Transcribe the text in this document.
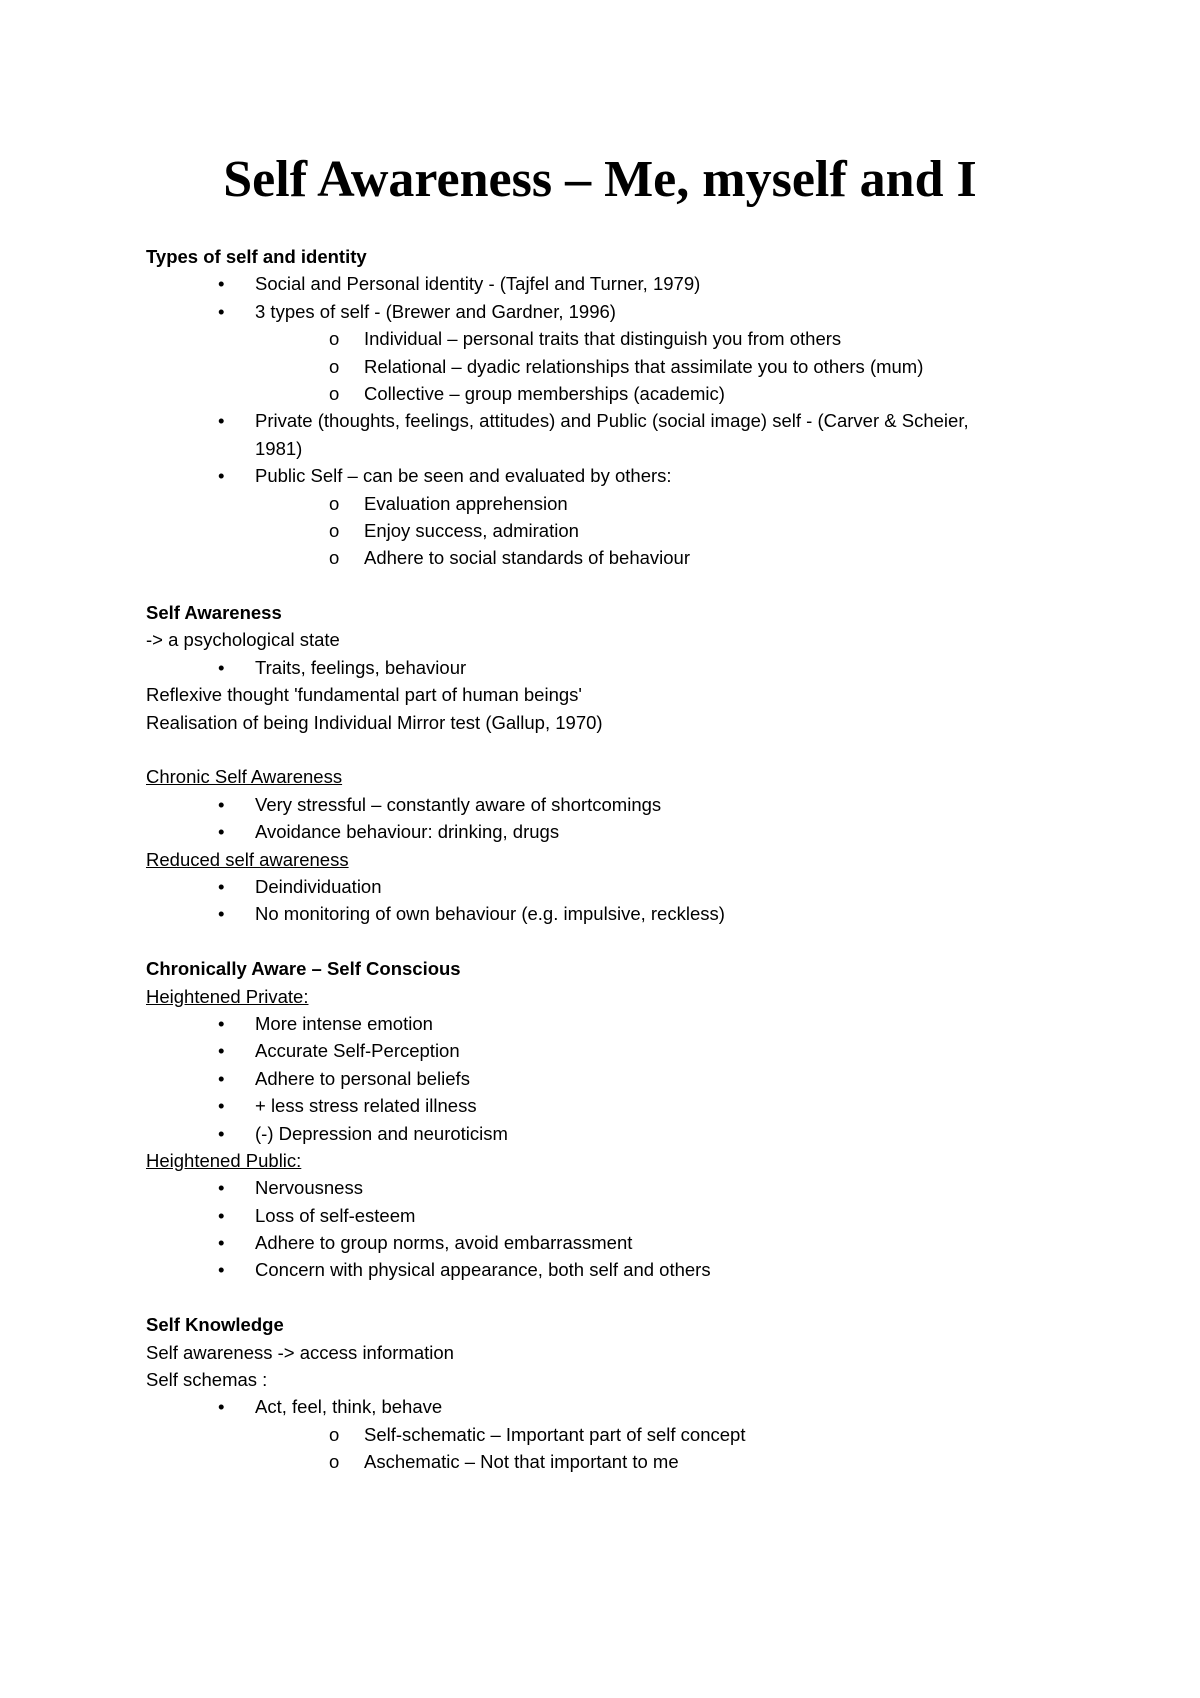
Self Awareness – Me, myself and I
Types of self and identity
• Social and Personal identity - (Tajfel and Turner, 1979)
• 3 types of self - (Brewer and Gardner, 1996)
o Individual – personal traits that distinguish you from others
o Relational – dyadic relationships that assimilate you to others (mum)
o Collective – group memberships (academic)
• Private (thoughts, feelings, attitudes) and Public (social image) self - (Carver & Scheier,
1981)
• Public Self – can be seen and evaluated by others:
o Evaluation apprehension
o Enjoy success, admiration
o Adhere to social standards of behaviour
Self Awareness
-> a psychological state
• Traits, feelings, behaviour
Reflexive thought 'fundamental part of human beings'
Realisation of being Individual Mirror test (Gallup, 1970)
Chronic Self Awareness
• Very stressful – constantly aware of shortcomings
• Avoidance behaviour: drinking, drugs
Reduced self awareness
• Deindividuation
• No monitoring of own behaviour (e.g. impulsive, reckless)
Chronically Aware – Self Conscious
Heightened Private:
• More intense emotion
• Accurate Self-Perception
• Adhere to personal beliefs
• + less stress related illness
• (-) Depression and neuroticism
Heightened Public:
• Nervousness
• Loss of self-esteem
• Adhere to group norms, avoid embarrassment
• Concern with physical appearance, both self and others
Self Knowledge
Self awareness -> access information
Self schemas :
• Act, feel, think, behave
o Self-schematic – Important part of self concept
o Aschematic – Not that important to me
